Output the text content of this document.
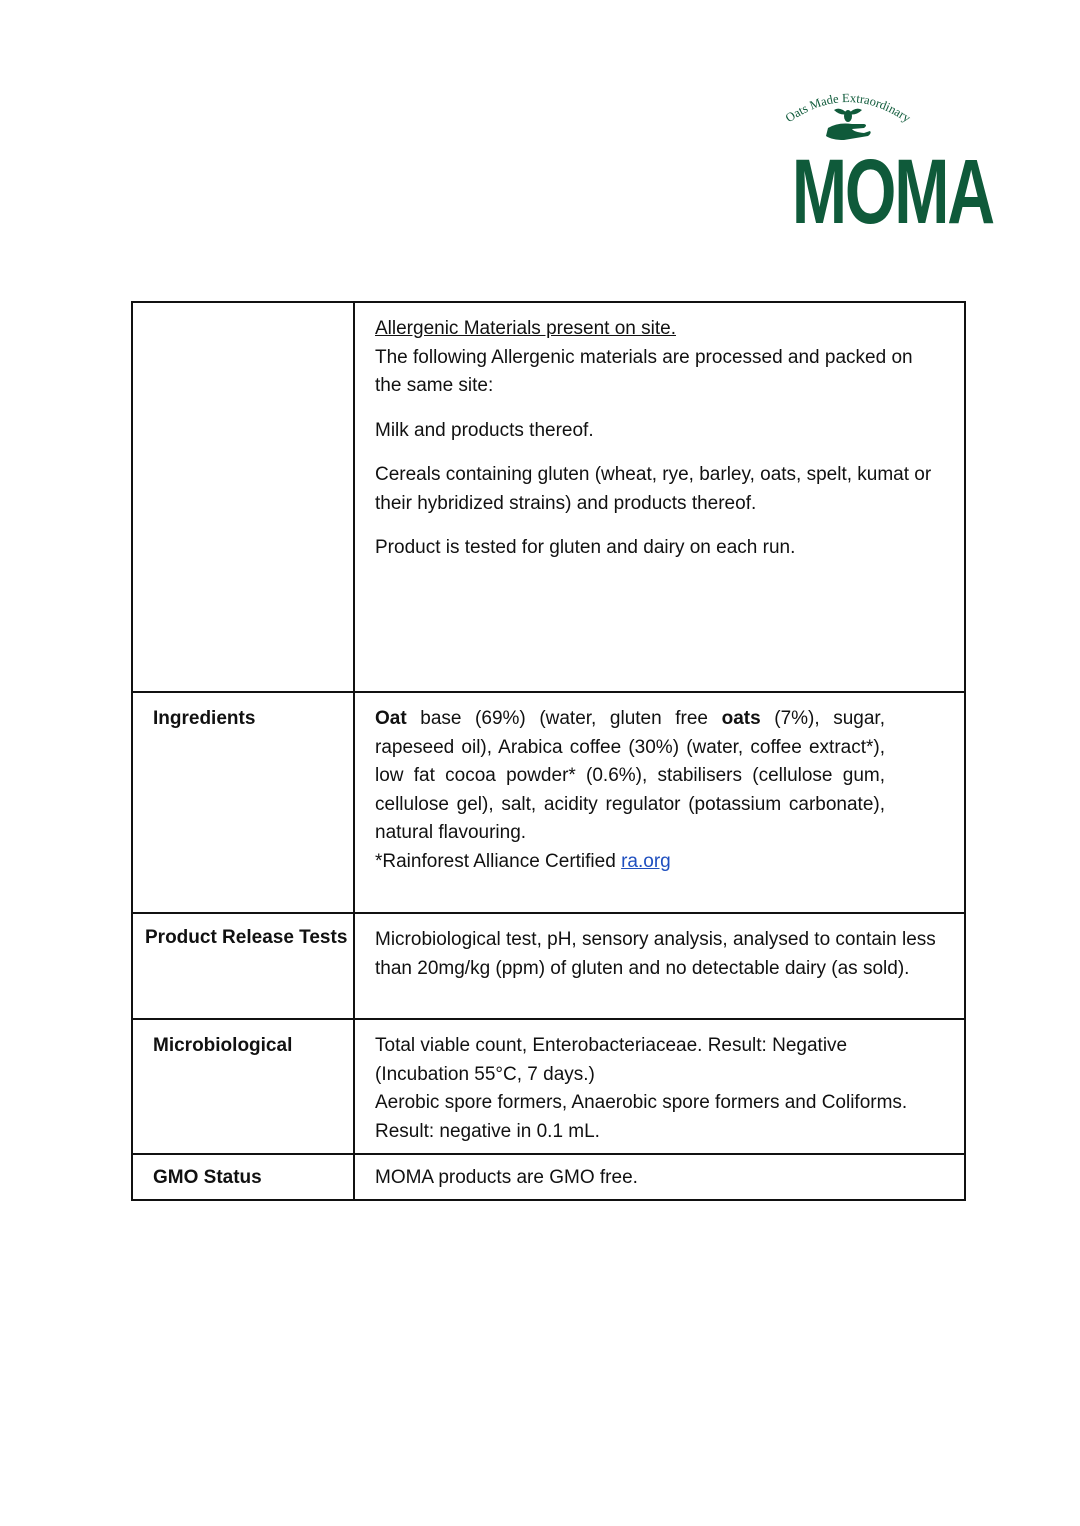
Oats Made Extraordinary
MOMA

	Allergenic Materials present on site.

The following Allergenic materials are processed and packed on the same site:

Milk and products thereof.

Cereals containing gluten (wheat, rye, barley, oats, spelt, kumat or their hybridized strains) and products thereof.

Product is tested for gluten and dairy on each run.

Ingredients	Oat base (69%) (water, gluten free oats (7%), sugar, rapeseed oil), Arabica coffee (30%) (water, coffee extract*), low fat cocoa powder* (0.6%), stabilisers (cellulose gum, cellulose gel), salt, acidity regulator (potassium carbonate), natural flavouring.

*Rainforest Alliance Certified ra.org

Product Release Tests	Microbiological test, pH, sensory analysis, analysed to contain less than 20mg/kg (ppm) of gluten and no detectable dairy (as sold).
Microbiological	Total viable count, Enterobacteriaceae. Result: Negative (Incubation 55°C, 7 days.)

Aerobic spore formers, Anaerobic spore formers and Coliforms. Result: negative in 0.1 mL.

GMO Status	MOMA products are GMO free.
